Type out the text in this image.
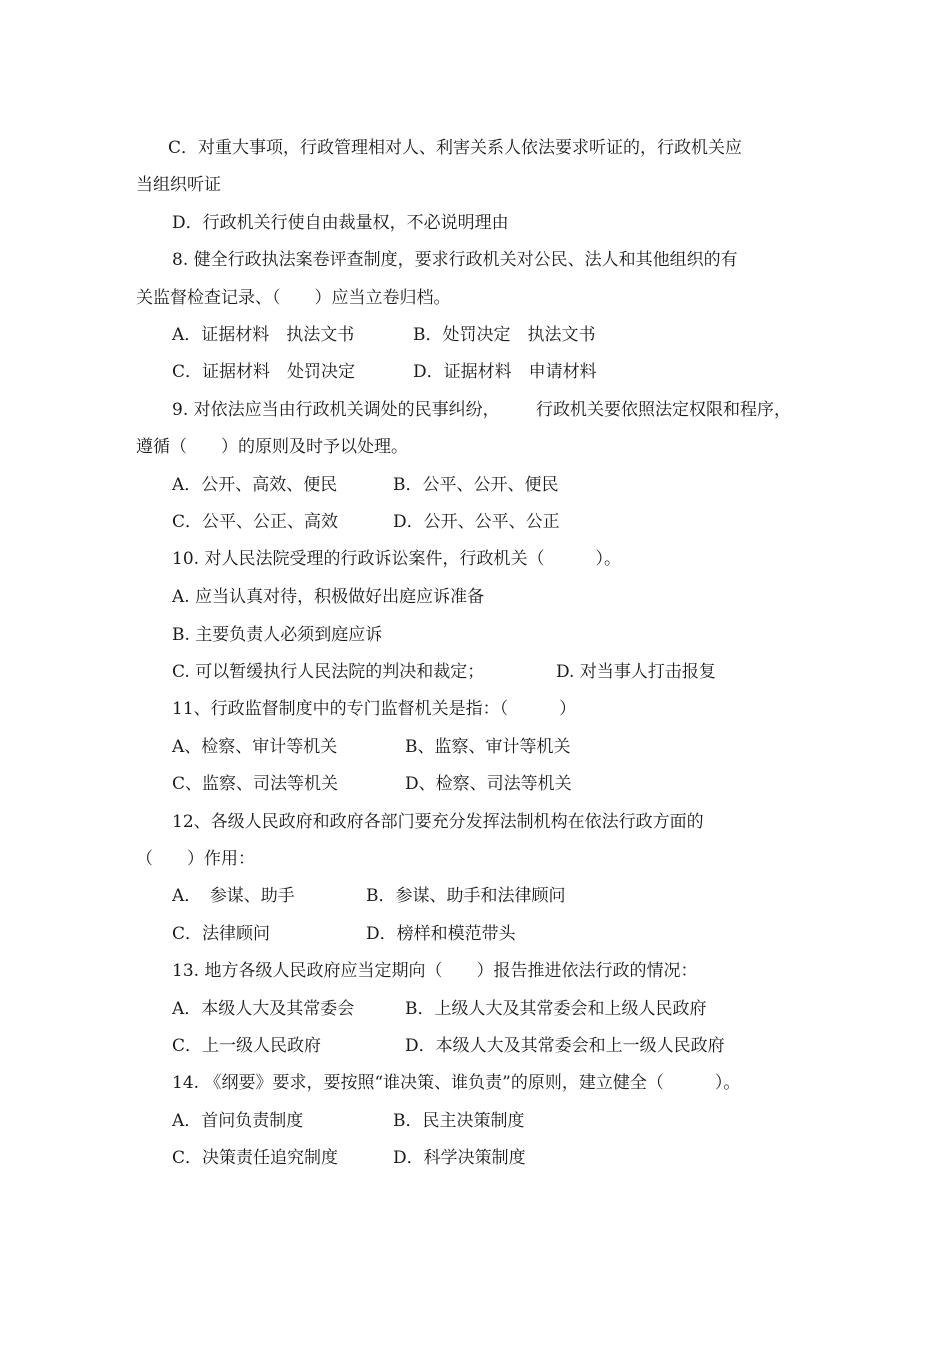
C．对重大事项，行政管理相对人、利害关系人依法要求听证的，行政机关应
当组织听证
D．行政机关行使自由裁量权，不必说明理由
8. 健全行政执法案卷评查制度，要求行政机关对公民、法人和其他组织的有
关监督检查记录、（　　）应当立卷归档。
A．证据材料　执法文书	B．处罚决定　执法文书
C．证据材料　处罚决定	D．证据材料　申请材料
9. 对依法应当由行政机关调处的民事纠纷， 行政机关要依照法定权限和程序，
遵循（　　）的原则及时予以处理。
A．公开、高效、便民	B．公平、公开、便民
C．公平、公正、高效	D．公开、公平、公正
10. 对人民法院受理的行政诉讼案件，行政机关（　　　）。
A. 应当认真对待，积极做好出庭应诉准备
B. 主要负责人必须到庭应诉
C. 可以暂缓执行人民法院的判决和裁定；	D. 对当事人打击报复
11、行政监督制度中的专门监督机关是指：（　　　）
A、检察、审计等机关	B、监察、审计等机关
C、监察、司法等机关	D、检察、司法等机关
12、各级人民政府和政府各部门要充分发挥法制机构在依法行政方面的
（　　）作用：
A．　参谋、助手	B．参谋、助手和法律顾问
C．法律顾问	D．榜样和模范带头
13. 地方各级人民政府应当定期向（　　）报告推进依法行政的情况：
A．本级人大及其常委会	B．上级人大及其常委会和上级人民政府
C．上一级人民政府	D．本级人大及其常委会和上一级人民政府
14. 《纲要》要求，要按照“谁决策、谁负责”的原则，建立健全（　　　）。
A．首问负责制度	B．民主决策制度
C．决策责任追究制度	D．科学决策制度
